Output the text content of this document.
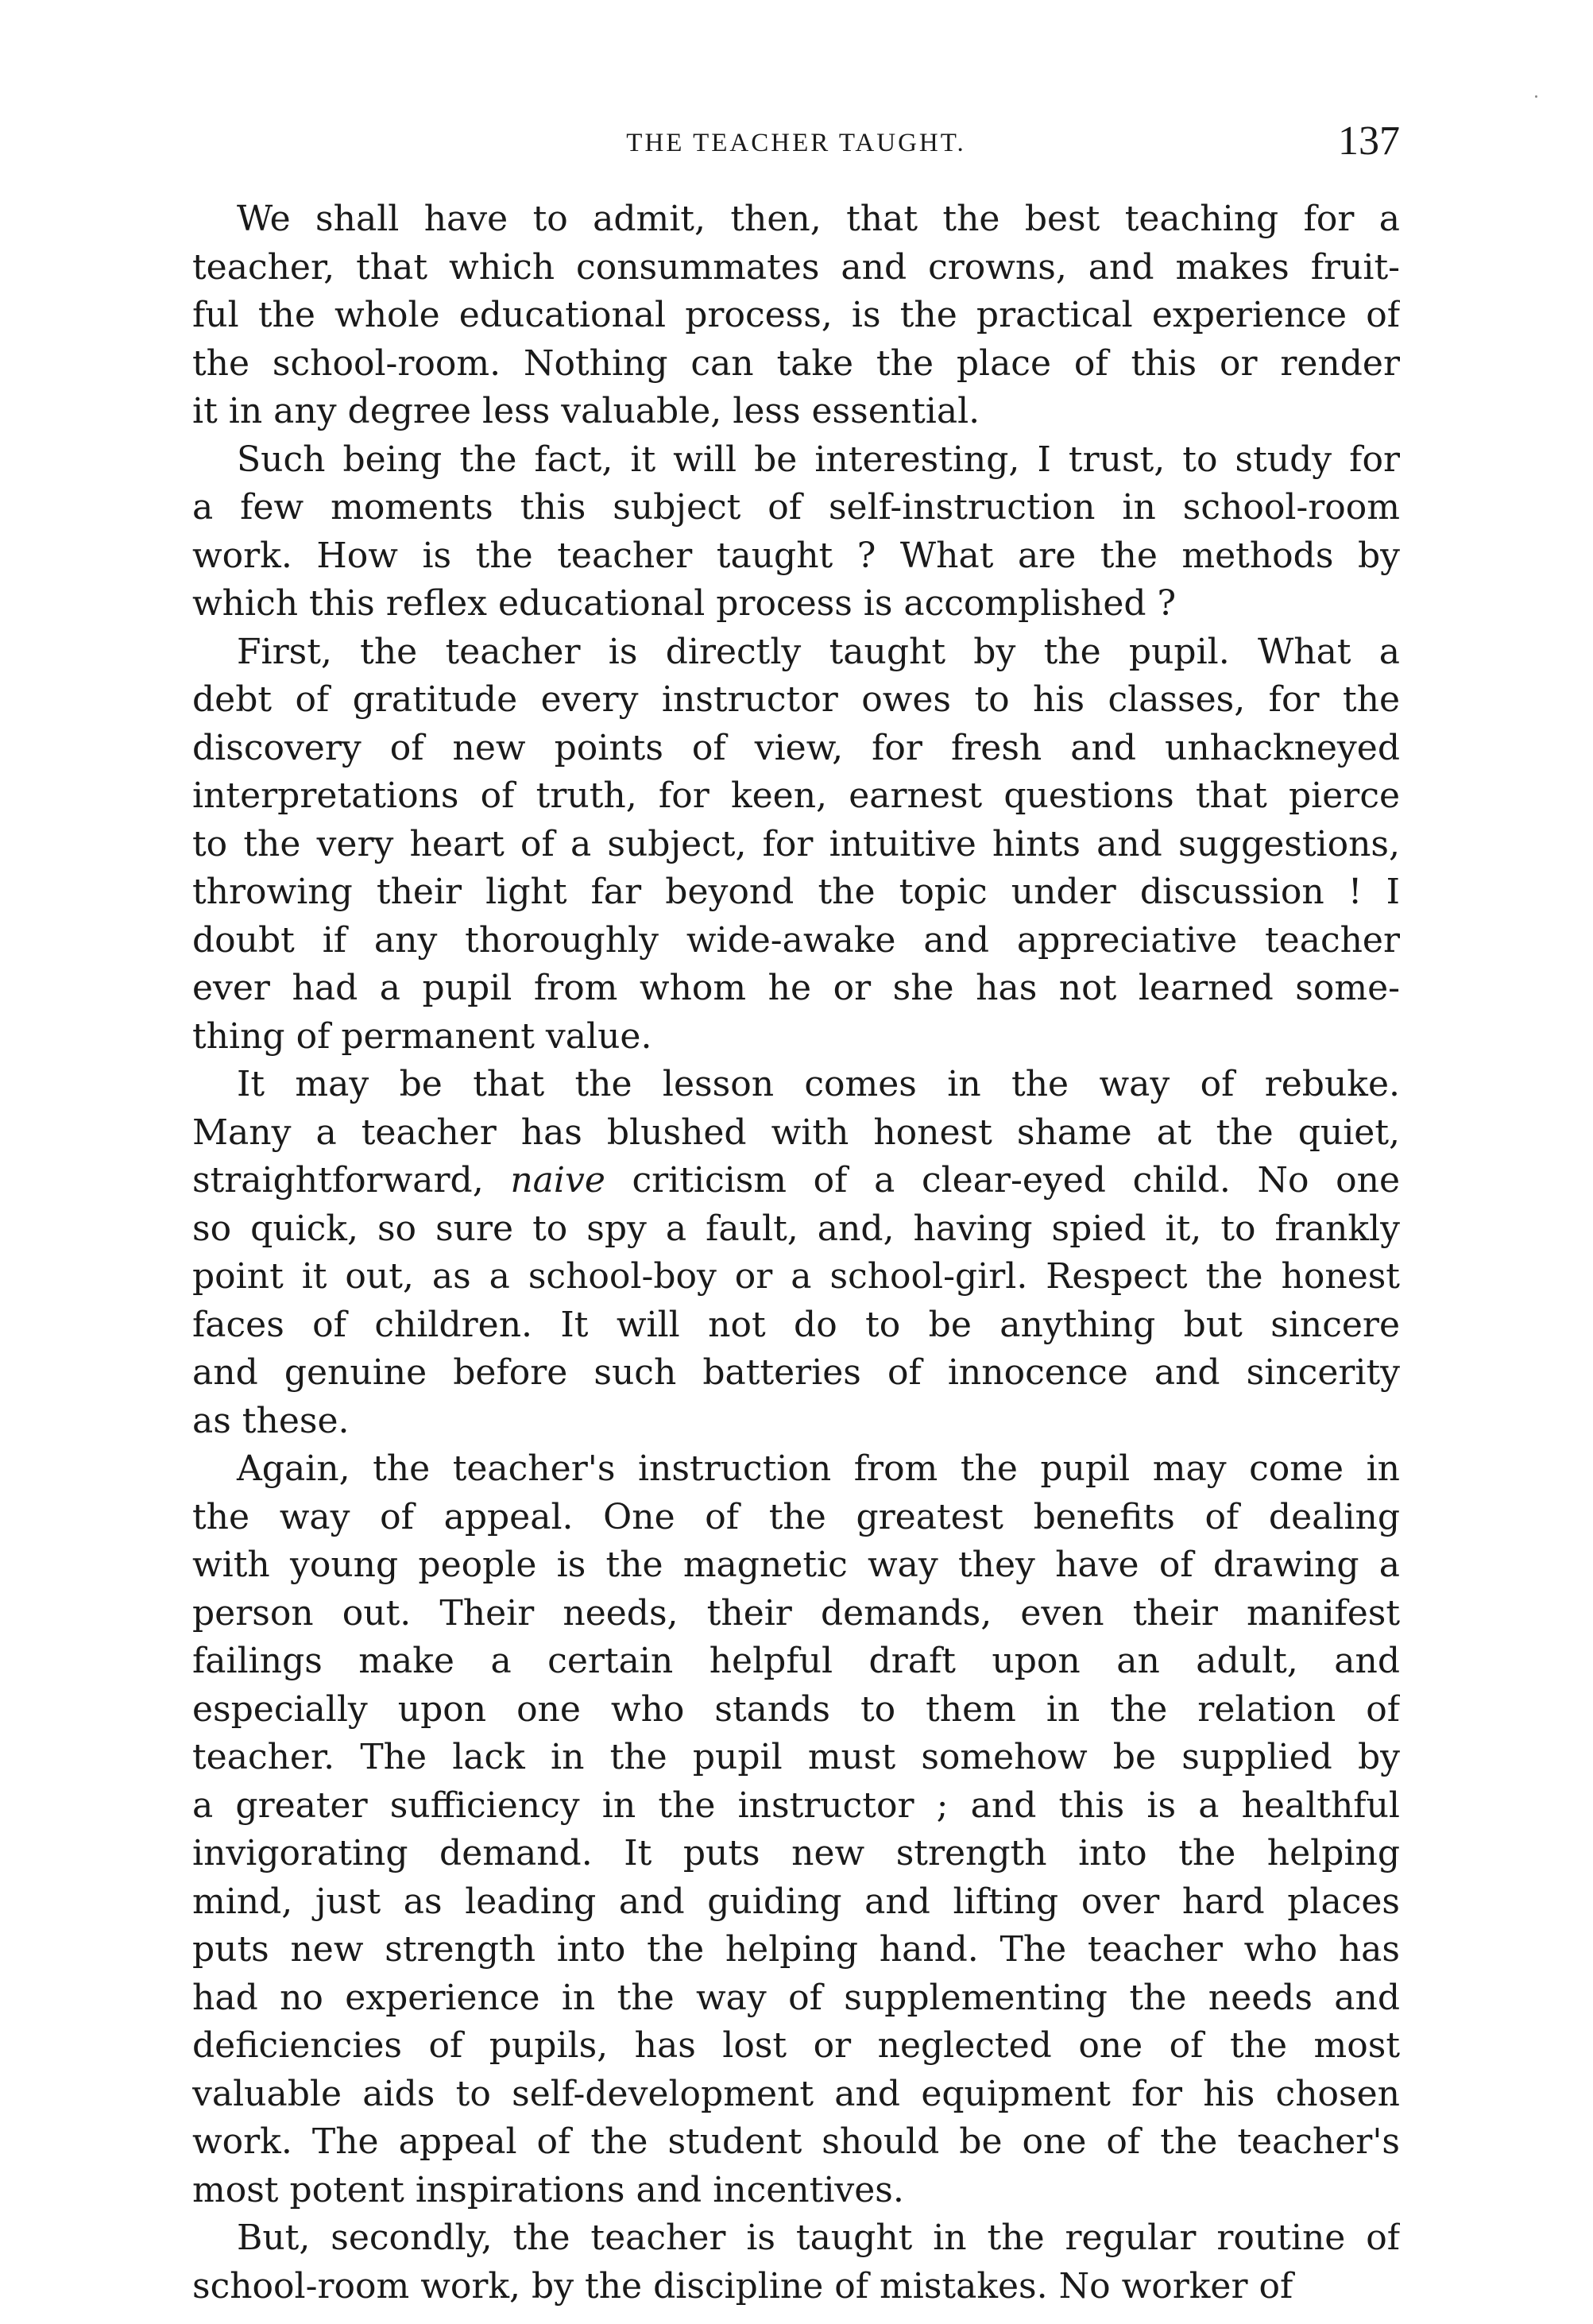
THE TEACHER TAUGHT.	137
We shall have to admit, then, that the best teaching for a
teacher, that which consummates and crowns, and makes fruit-
ful the whole educational process, is the practical experience of
the school-room. Nothing can take the place of this or render
it in any degree less valuable, less essential.
Such being the fact, it will be interesting, I trust, to study for
a few moments this subject of self-instruction in school-room
work. How is the teacher taught ? What are the methods by
which this reflex educational process is accomplished ?
First, the teacher is directly taught by the pupil. What a
debt of gratitude every instructor owes to his classes, for the
discovery of new points of view, for fresh and unhackneyed
interpretations of truth, for keen, earnest questions that pierce
to the very heart of a subject, for intuitive hints and suggestions,
throwing their light far beyond the topic under discussion ! I
doubt if any thoroughly wide-awake and appreciative teacher
ever had a pupil from whom he or she has not learned some-
thing of permanent value.
It may be that the lesson comes in the way of rebuke.
Many a teacher has blushed with honest shame at the quiet,
straightforward, naive criticism of a clear-eyed child. No one
so quick, so sure to spy a fault, and, having spied it, to frankly
point it out, as a school-boy or a school-girl. Respect the honest
faces of children. It will not do to be anything but sincere
and genuine before such batteries of innocence and sincerity
as these.
Again, the teacher's instruction from the pupil may come in
the way of appeal. One of the greatest benefits of dealing
with young people is the magnetic way they have of drawing a
person out. Their needs, their demands, even their manifest
failings make a certain helpful draft upon an adult, and
especially upon one who stands to them in the relation of
teacher. The lack in the pupil must somehow be supplied by
a greater sufficiency in the instructor ; and this is a healthful
invigorating demand. It puts new strength into the helping
mind, just as leading and guiding and lifting over hard places
puts new strength into the helping hand. The teacher who has
had no experience in the way of supplementing the needs and
deficiencies of pupils, has lost or neglected one of the most
valuable aids to self-development and equipment for his chosen
work. The appeal of the student should be one of the teacher's
most potent inspirations and incentives.
But, secondly, the teacher is taught in the regular routine of
school-room work, by the discipline of mistakes. No worker of
